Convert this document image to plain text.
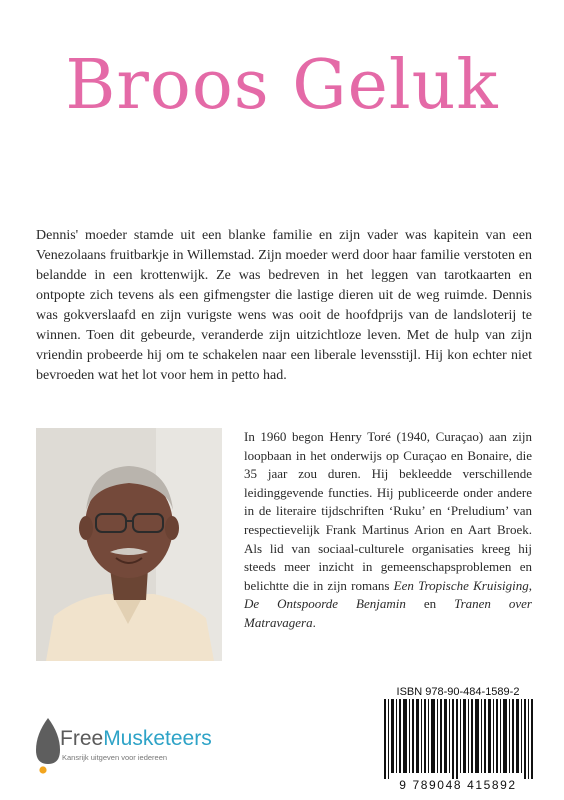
Broos Geluk
Dennis' moeder stamde uit een blanke familie en zijn vader was kapitein van een Venezolaans fruitbarkje in Willemstad. Zijn moeder werd door haar familie verstoten en belandde in een krottenwijk. Ze was bedreven in het leggen van tarotkaarten en ontpopte zich tevens als een gifmengster die lastige dieren uit de weg ruimde. Dennis was gokverslaafd en zijn vurigste wens was ooit de hoofdprijs van de landsloterij te winnen. Toen dit gebeurde, veranderde zijn uitzichtloze leven. Met de hulp van zijn vriendin probeerde hij om te schakelen naar een liberale levensstijl. Hij kon echter niet bevroeden wat het lot voor hem in petto had.
In 1960 begon Henry Toré (1940, Curaçao) aan zijn loopbaan in het onderwijs op Curaçao en Bonaire, die 35 jaar zou duren. Hij bekleedde verschillende leidinggevende functies. Hij publiceerde onder andere in de literaire tijdschriften ‘Ruku’ en ‘Preludium’ van respectievelijk Frank Martinus Arion en Aart Broek. Als lid van sociaal-culturele organisaties kreeg hij steeds meer inzicht in gemeenschapsproblemen en belichtte die in zijn romans Een Tropische Kruisiging, De Ontspoorde Benjamin en Tranen over Matravagera.
ISBN 978-90-484-1589-2
9 789048 415892
FreeMusketeers
Kansrijk uitgeven voor iedereen
